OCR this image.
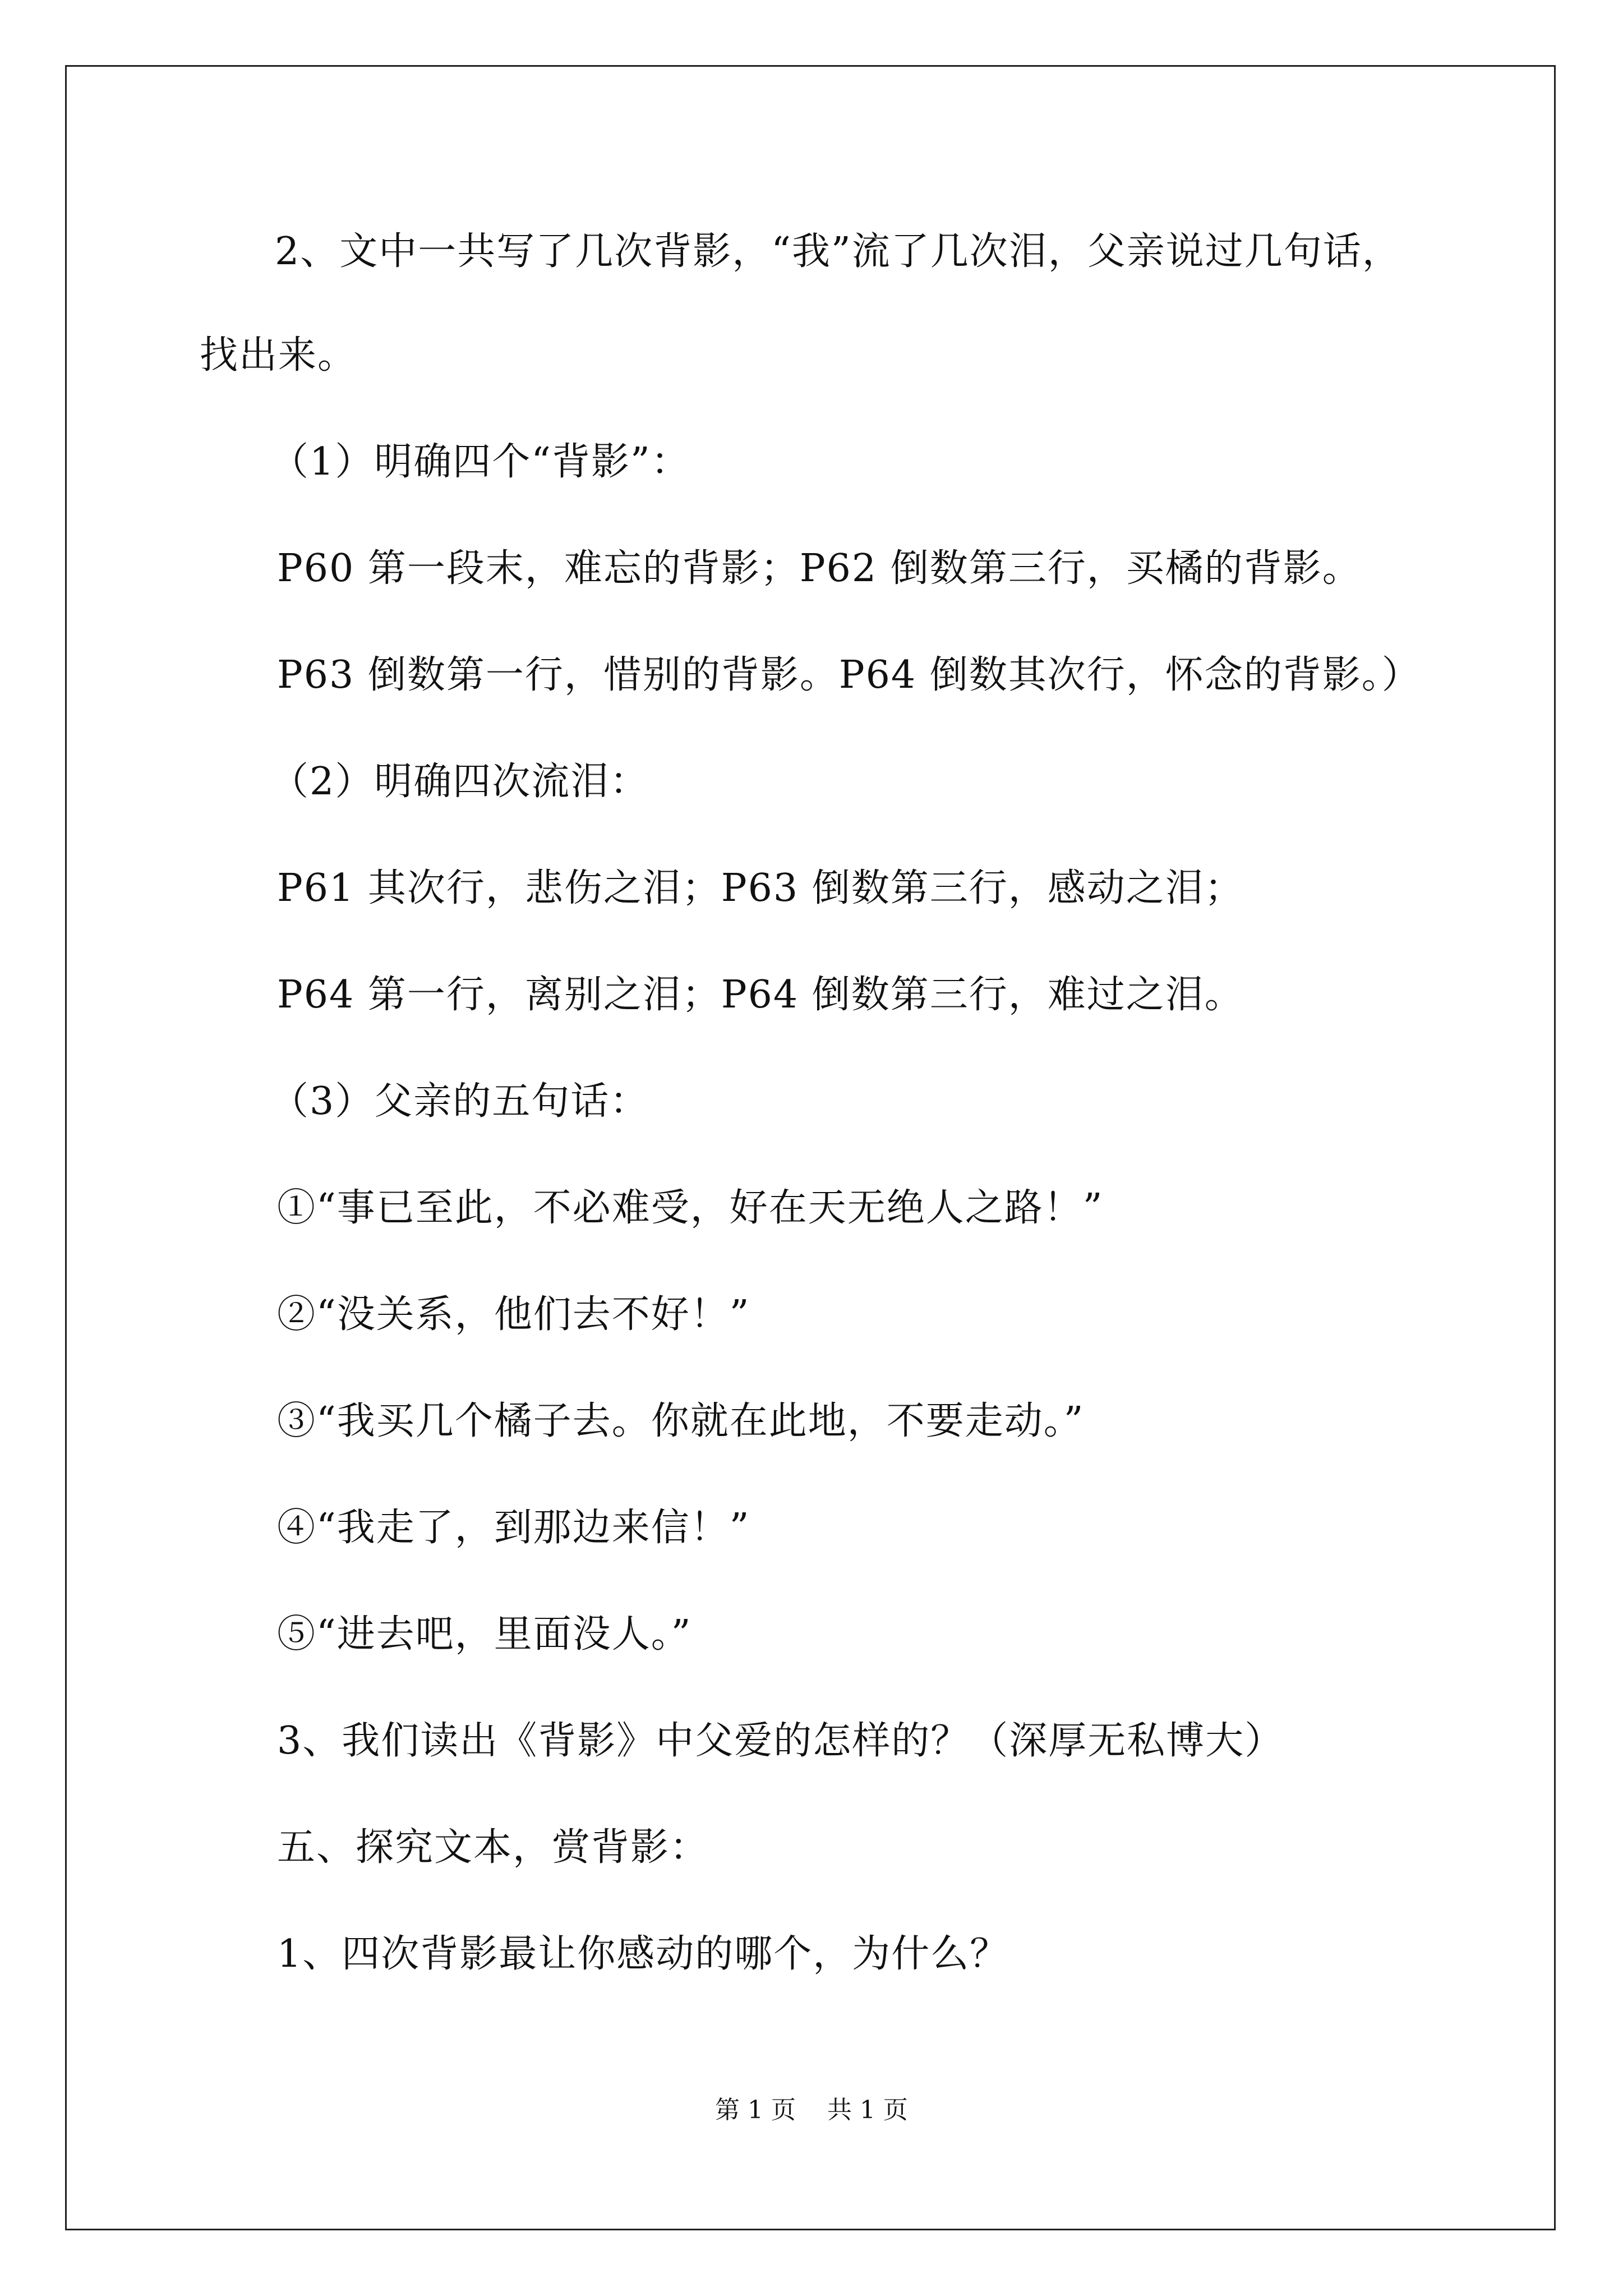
2、文中一共写了几次背影，“我”流了几次泪，父亲说过几句话，
找出来。
（1）明确四个“背影”：
P60 第一段末，难忘的背影；P62 倒数第三行，买橘的背影。
P63 倒数第一行，惜别的背影。P64 倒数其次行，怀念的背影。）
（2）明确四次流泪：
P61 其次行，悲伤之泪；P63 倒数第三行，感动之泪；
P64 第一行，离别之泪；P64 倒数第三行，难过之泪。
（3）父亲的五句话：
①“事已至此，不必难受，好在天无绝人之路！”
②“没关系，他们去不好！”
③“我买几个橘子去。你就在此地，不要走动。”
④“我走了，到那边来信！”
⑤“进去吧，里面没人。”
3、我们读出《背影》中父爱的怎样的？（深厚无私博大）
五、探究文本，赏背影：
1、四次背影最让你感动的哪个，为什么？
第 1 页    共 1 页
